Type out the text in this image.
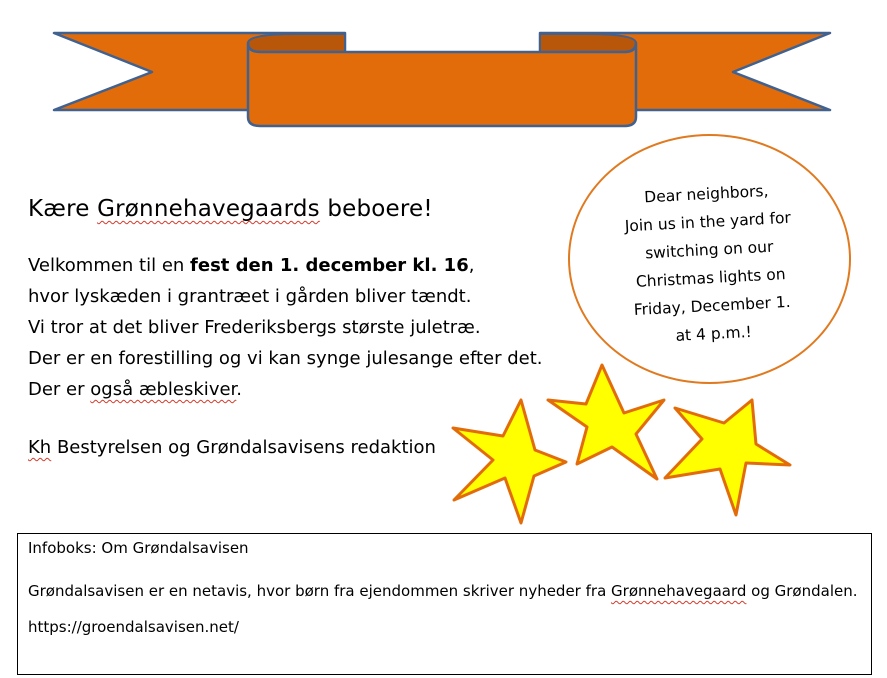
Kære Grønnehavegaards beboere!

Velkommen til en fest den 1. december kl. 16,

hvor lyskæden i grantræet i gården bliver tændt.

Vi tror at det bliver Frederiksbergs største juletræ.

Der er en forestilling og vi kan synge julesange efter det.

Der er også æbleskiver.

Kh Bestyrelsen og Grøndalsavisens redaktion
Dear neighbors,
Join us in the yard for
switching on our
Christmas lights on
Friday, December 1.
at 4 p.m.!

Infoboks: Om Grøndalsavisen

Grøndalsavisen er en netavis, hvor børn fra ejendommen skriver nyheder fra Grønnehavegaard og Grøndalen.

https://groendalsavisen.net/
